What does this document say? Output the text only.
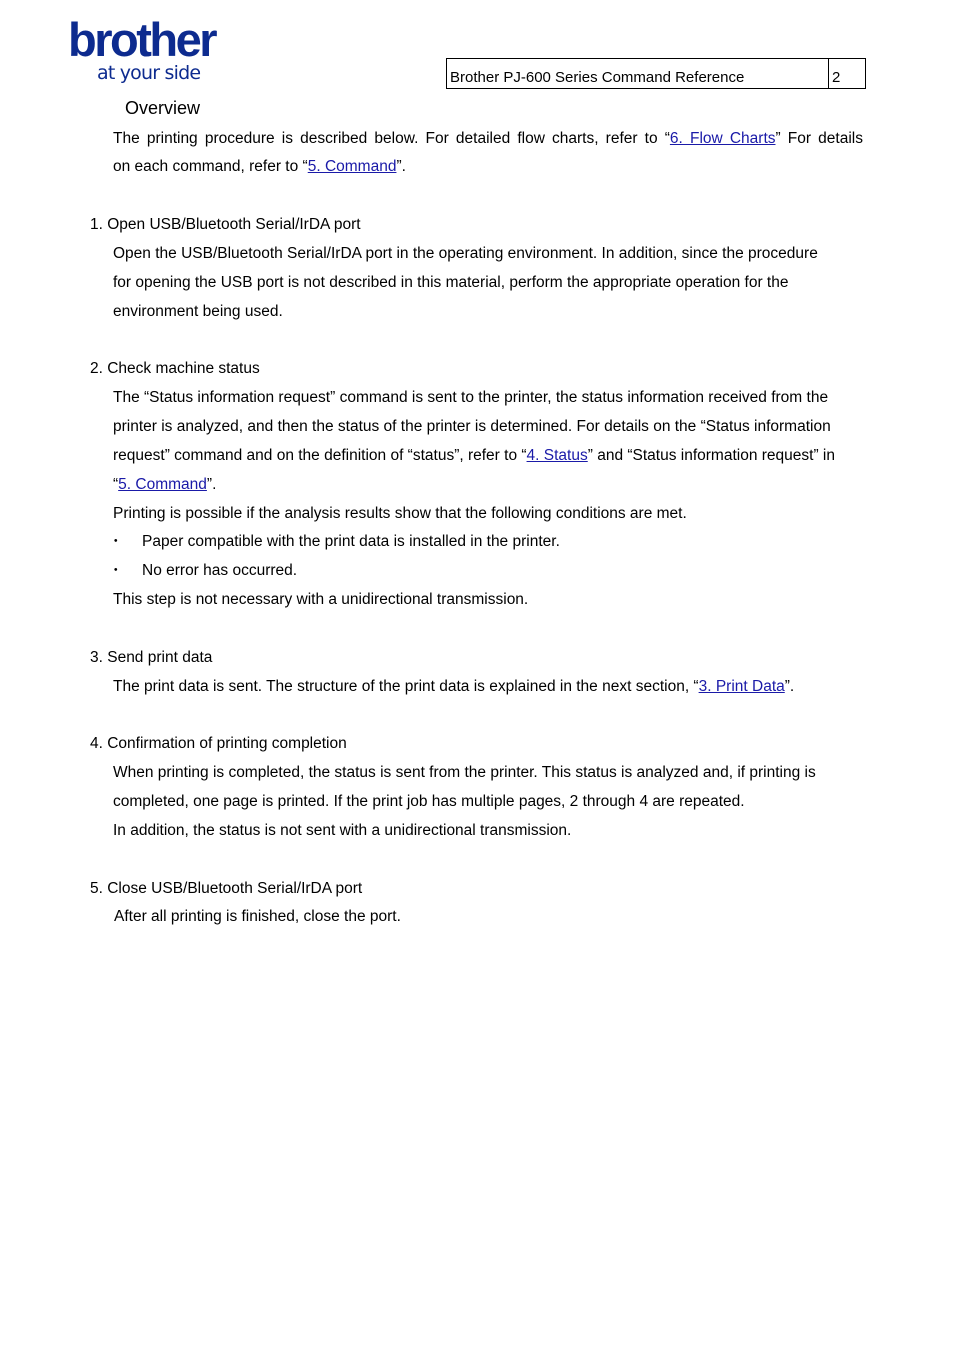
brother
at your side	Brother PJ-600 Series Command Reference	2
Overview
The printing procedure is described below. For detailed flow charts, refer to “6. Flow Charts” For details
on each command, refer to “5. Command”.
1. Open USB/Bluetooth Serial/IrDA port
Open the USB/Bluetooth Serial/IrDA port in the operating environment. In addition, since the procedure
for opening the USB port is not described in this material, perform the appropriate operation for the
environment being used.
2. Check machine status
The “Status information request” command is sent to the printer, the status information received from the
printer is analyzed, and then the status of the printer is determined. For details on the “Status information
request” command and on the definition of “status”, refer to “4. Status” and “Status information request” in
“5. Command”.
Printing is possible if the analysis results show that the following conditions are met.
・ Paper compatible with the print data is installed in the printer.
・ No error has occurred.
This step is not necessary with a unidirectional transmission.
3. Send print data
The print data is sent. The structure of the print data is explained in the next section, “3. Print Data”.
4. Confirmation of printing completion
When printing is completed, the status is sent from the printer. This status is analyzed and, if printing is
completed, one page is printed. If the print job has multiple pages, 2 through 4 are repeated.
In addition, the status is not sent with a unidirectional transmission.
5. Close USB/Bluetooth Serial/IrDA port
After all printing is finished, close the port.
